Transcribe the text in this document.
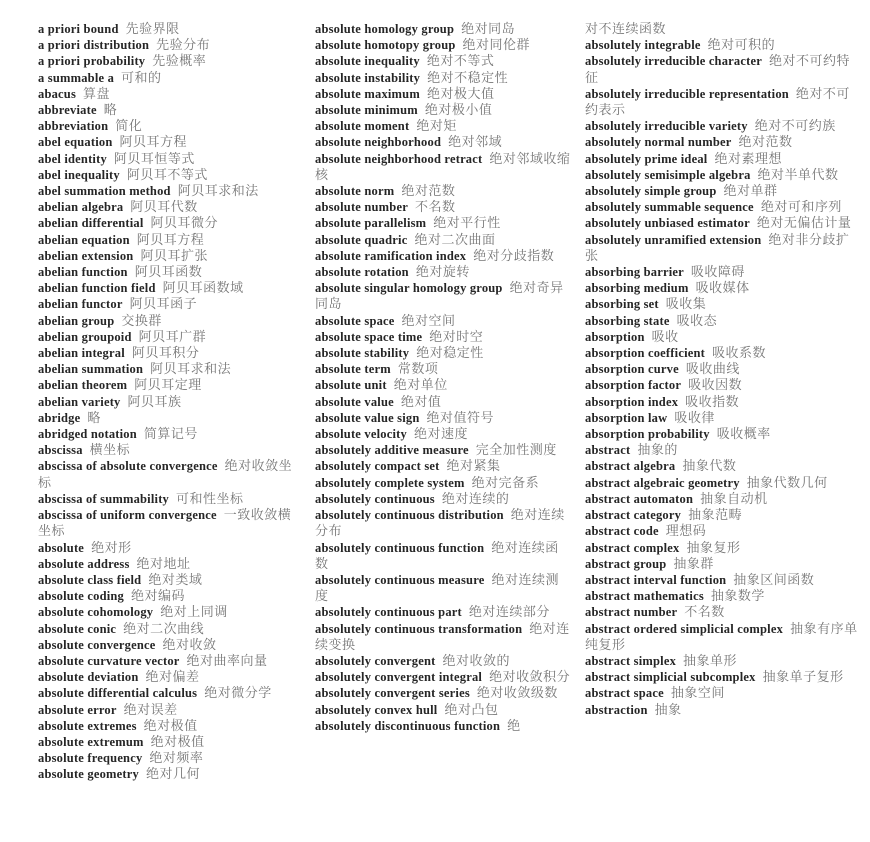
a priori bound 先验界限
a priori distribution 先验分布
a priori probability 先验概率
a summable a 可和的
abacus 算盘
abbreviate 略
abbreviation 简化
abel equation 阿贝耳方程
abel identity 阿贝耳恒等式
abel inequality 阿贝耳不等式
abel summation method 阿贝耳求和法
abelian algebra 阿贝耳代数
abelian differential 阿贝耳微分
abelian equation 阿贝耳方程
abelian extension 阿贝耳扩张
abelian function 阿贝耳函数
abelian function field 阿贝耳函数域
abelian functor 阿贝耳函子
abelian group 交换群
abelian groupoid 阿贝耳广群
abelian integral 阿贝耳积分
abelian summation 阿贝耳求和法
abelian theorem 阿贝耳定理
abelian variety 阿贝耳族
abridge 略
abridged notation 简算记号
abscissa 横坐标
abscissa of absolute convergence 绝对收敛坐标
abscissa of summability 可和性坐标
abscissa of uniform convergence 一致收敛横坐标
absolute 绝对形
absolute address 绝对地址
absolute class field 绝对类域
absolute coding 绝对编码
absolute cohomology 绝对上同调
absolute conic 绝对二次曲线
absolute convergence 绝对收敛
absolute curvature vector 绝对曲率向量
absolute deviation 绝对偏差
absolute differential calculus 绝对微分学
absolute error 绝对误差
absolute extremes 绝对极值
absolute extremum 绝对极值
absolute frequency 绝对频率
absolute geometry 绝对几何
absolute homology group 绝对同岛
absolute homotopy group 绝对同伦群
absolute inequality 绝对不等式
absolute instability 绝对不稳定性
absolute maximum 绝对极大值
absolute minimum 绝对极小值
absolute moment 绝对矩
absolute neighborhood 绝对邻域
absolute neighborhood retract 绝对邻域收缩核
absolute norm 绝对范数
absolute number 不名数
absolute parallelism 绝对平行性
absolute quadric 绝对二次曲面
absolute ramification index 绝对分歧指数
absolute rotation 绝对旋转
absolute singular homology group 绝对奇异同岛
absolute space 绝对空间
absolute space time 绝对时空
absolute stability 绝对稳定性
absolute term 常数项
absolute unit 绝对单位
absolute value 绝对值
absolute value sign 绝对值符号
absolute velocity 绝对速度
absolutely additive measure 完全加性测度
absolutely compact set 绝对紧集
absolutely complete system 绝对完备系
absolutely continuous 绝对连续的
absolutely continuous distribution 绝对连续分布
absolutely continuous function 绝对连续函数
absolutely continuous measure 绝对连续测度
absolutely continuous part 绝对连续部分
absolutely continuous transformation 绝对连续变换
absolutely convergent 绝对收敛的
absolutely convergent integral 绝对收敛积分
absolutely convergent series 绝对收敛级数
absolutely convex hull 绝对凸包
absolutely discontinuous function 绝
对不连续函数
absolutely integrable 绝对可积的
absolutely irreducible character 绝对不可约特征
absolutely irreducible representation 绝对不可约表示
absolutely irreducible variety 绝对不可约族
absolutely normal number 绝对范数
absolutely prime ideal 绝对素理想
absolutely semisimple algebra 绝对半单代数
absolutely simple group 绝对单群
absolutely summable sequence 绝对可和序列
absolutely unbiased estimator 绝对无偏估计量
absolutely unramified extension 绝对非分歧扩张
absorbing barrier 吸收障碍
absorbing medium 吸收媒体
absorbing set 吸收集
absorbing state 吸收态
absorption 吸收
absorption coefficient 吸收系数
absorption curve 吸收曲线
absorption factor 吸收因数
absorption index 吸收指数
absorption law 吸收律
absorption probability 吸收概率
abstract 抽象的
abstract algebra 抽象代数
abstract algebraic geometry 抽象代数几何
abstract automaton 抽象自动机
abstract category 抽象范畴
abstract code 理想码
abstract complex 抽象复形
abstract group 抽象群
abstract interval function 抽象区间函数
abstract mathematics 抽象数学
abstract number 不名数
abstract ordered simplicial complex 抽象有序单纯复形
abstract simplex 抽象单形
abstract simplicial subcomplex 抽象单子复形
abstract space 抽象空间
abstraction 抽象
